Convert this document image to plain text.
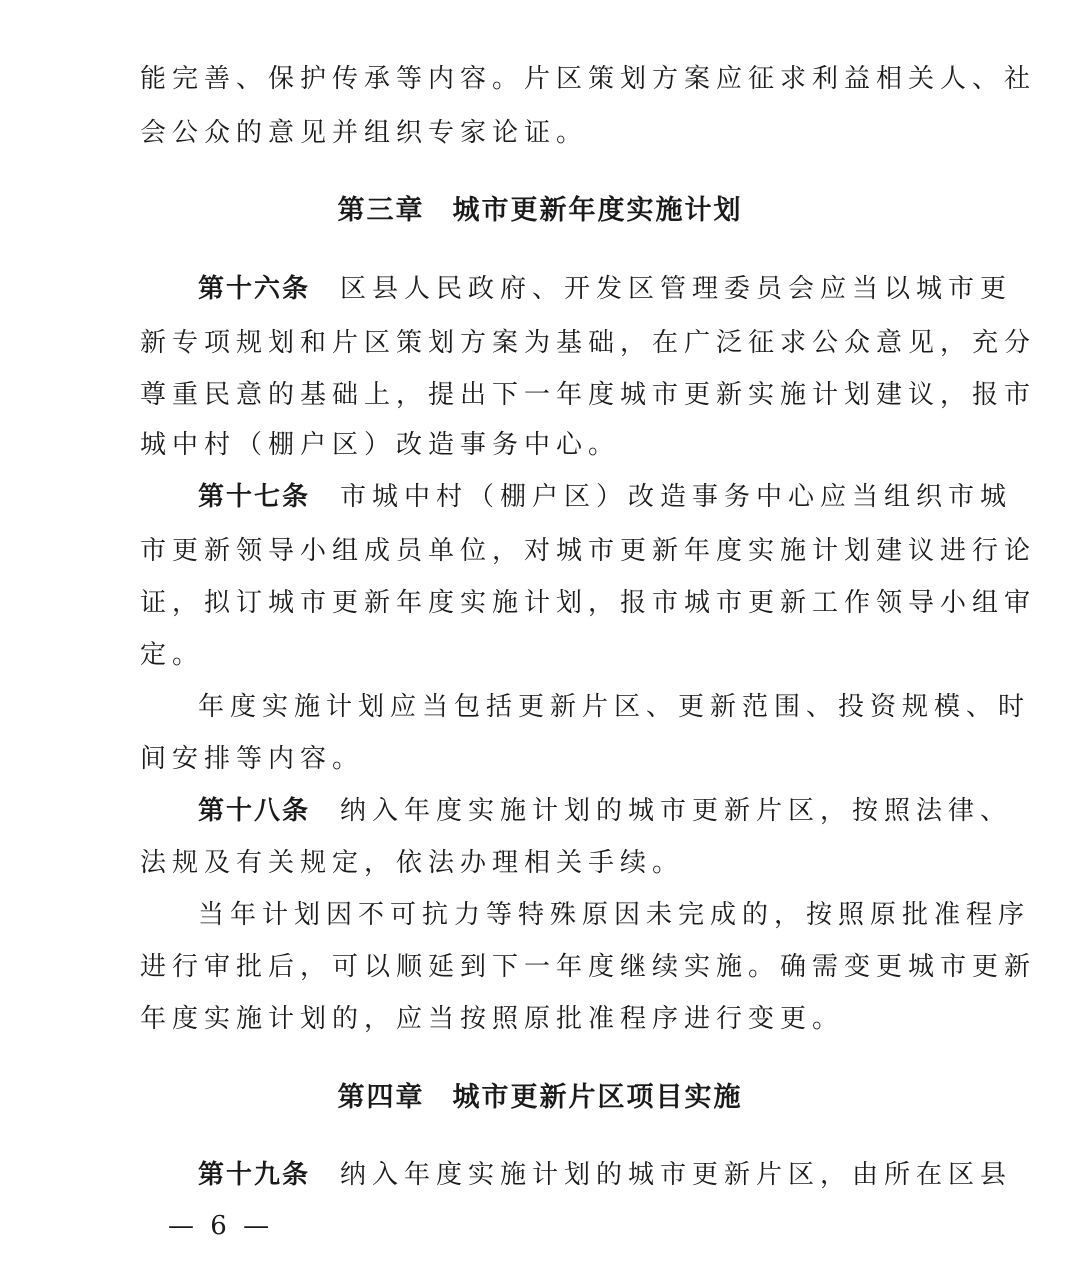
能完善、保护传承等内容。片区策划方案应征求利益相关人、社
会公众的意见并组织专家论证。
第三章 城市更新年度实施计划
第十六条 区县人民政府、开发区管理委员会应当以城市更
新专项规划和片区策划方案为基础，在广泛征求公众意见，充分
尊重民意的基础上，提出下一年度城市更新实施计划建议，报市
城中村（棚户区）改造事务中心。
第十七条 市城中村（棚户区）改造事务中心应当组织市城
市更新领导小组成员单位，对城市更新年度实施计划建议进行论
证，拟订城市更新年度实施计划，报市城市更新工作领导小组审
定。
年度实施计划应当包括更新片区、更新范围、投资规模、时
间安排等内容。
第十八条 纳入年度实施计划的城市更新片区，按照法律、
法规及有关规定，依法办理相关手续。
当年计划因不可抗力等特殊原因未完成的，按照原批准程序
进行审批后，可以顺延到下一年度继续实施。确需变更城市更新
年度实施计划的，应当按照原批准程序进行变更。
第四章 城市更新片区项目实施
第十九条 纳入年度实施计划的城市更新片区，由所在区县
— 6 —
